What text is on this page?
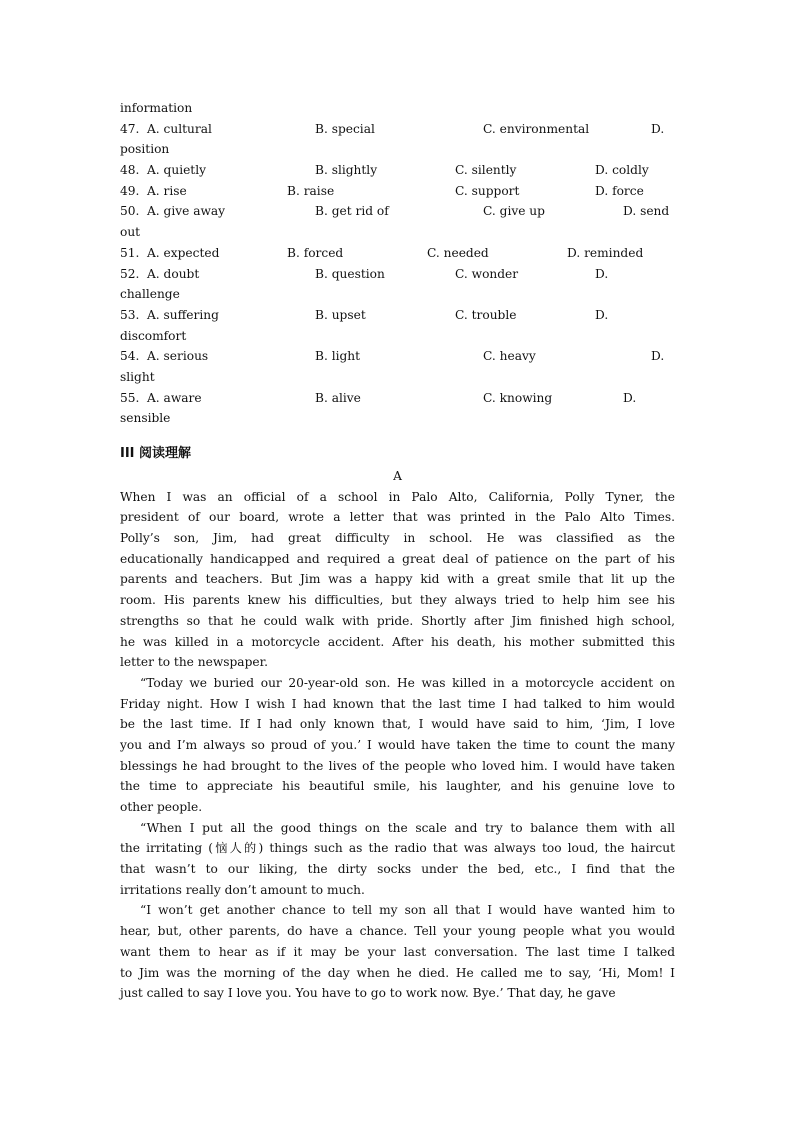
information
47. A. cultural	B. special	C. environmental	D.
position
48. A. quietly	B. slightly	C. silently	D. coldly
49. A. rise	B. raise	C. support	D. force
50. A. give away	B. get rid of	C. give up	D. send
out
51. A. expected	B. forced	C. needed	D. reminded
52. A. doubt	B. question	C. wonder	D.
challenge
53. A. suffering	B. upset	C. trouble	D.
discomfort
54. A. serious	B. light	C. heavy	D.
slight
55. A. aware	B. alive	C. knowing	D.
sensible
III 阅读理解
A
When I was an official of a school in Palo Alto, California, Polly Tyner, the
president of our board, wrote a letter that was printed in the Palo Alto Times.
Polly’s son, Jim, had great difficulty in school. He was classified as the
educationally handicapped and required a great deal of patience on the part of his
parents and teachers. But Jim was a happy kid with a great smile that lit up the
room. His parents knew his difficulties, but they always tried to help him see his
strengths so that he could walk with pride. Shortly after Jim finished high school,
he was killed in a motorcycle accident. After his death, his mother submitted this
letter to the newspaper.
“Today we buried our 20-year-old son. He was killed in a motorcycle accident on
Friday night. How I wish I had known that the last time I had talked to him would
be the last time. If I had only known that, I would have said to him, ‘Jim, I love
you and I’m always so proud of you.’ I would have taken the time to count the many
blessings he had brought to the lives of the people who loved him. I would have taken
the time to appreciate his beautiful smile, his laughter, and his genuine love to
other people.
“When I put all the good things on the scale and try to balance them with all
the irritating (恼人的) things such as the radio that was always too loud, the haircut
that wasn’t to our liking, the dirty socks under the bed, etc., I find that the
irritations really don’t amount to much.
“I won’t get another chance to tell my son all that I would have wanted him to
hear, but, other parents, do have a chance. Tell your young people what you would
want them to hear as if it may be your last conversation. The last time I talked
to Jim was the morning of the day when he died. He called me to say, ‘Hi, Mom! I
just called to say I love you. You have to go to work now. Bye.’ That day, he gave
